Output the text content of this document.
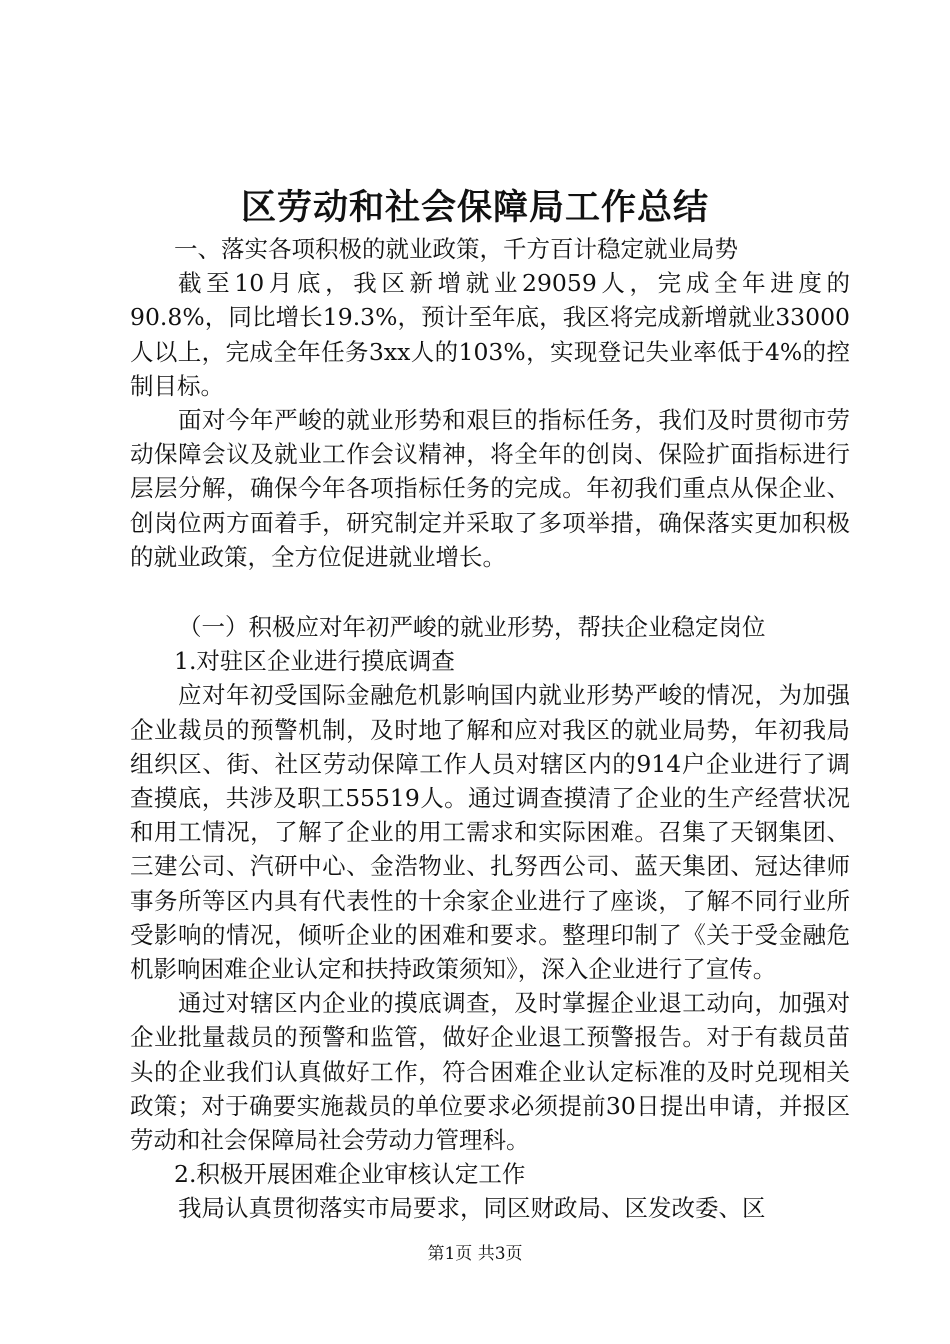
区劳动和社会保障局工作总结

一、落实各项积极的就业政策，千方百计稳定就业局势

截至10月底，我区新增就业29059人，完成全年进度的90.8%，同比增长19.3%，预计至年底，我区将完成新增就业33000人以上，完成全年任务3xx人的103%，实现登记失业率低于4%的控制目标。

面对今年严峻的就业形势和艰巨的指标任务，我们及时贯彻市劳动保障会议及就业工作会议精神，将全年的创岗、保险扩面指标进行层层分解，确保今年各项指标任务的完成。年初我们重点从保企业、创岗位两方面着手，研究制定并采取了多项举措，确保落实更加积极的就业政策，全方位促进就业增长。

（一）积极应对年初严峻的就业形势，帮扶企业稳定岗位

1.对驻区企业进行摸底调查

应对年初受国际金融危机影响国内就业形势严峻的情况，为加强企业裁员的预警机制，及时地了解和应对我区的就业局势，年初我局组织区、街、社区劳动保障工作人员对辖区内的914户企业进行了调查摸底，共涉及职工55519人。通过调查摸清了企业的生产经营状况和用工情况，了解了企业的用工需求和实际困难。召集了天钢集团、三建公司、汽研中心、金浩物业、扎努西公司、蓝天集团、冠达律师事务所等区内具有代表性的十余家企业进行了座谈，了解不同行业所受影响的情况，倾听企业的困难和要求。整理印制了《关于受金融危机影响困难企业认定和扶持政策须知》，深入企业进行了宣传。

通过对辖区内企业的摸底调查，及时掌握企业退工动向，加强对企业批量裁员的预警和监管，做好企业退工预警报告。对于有裁员苗头的企业我们认真做好工作，符合困难企业认定标准的及时兑现相关政策；对于确要实施裁员的单位要求必须提前30日提出申请，并报区劳动和社会保障局社会劳动力管理科。

2.积极开展困难企业审核认定工作

我局认真贯彻落实市局要求，同区财政局、区发改委、区

第1页 共3页
